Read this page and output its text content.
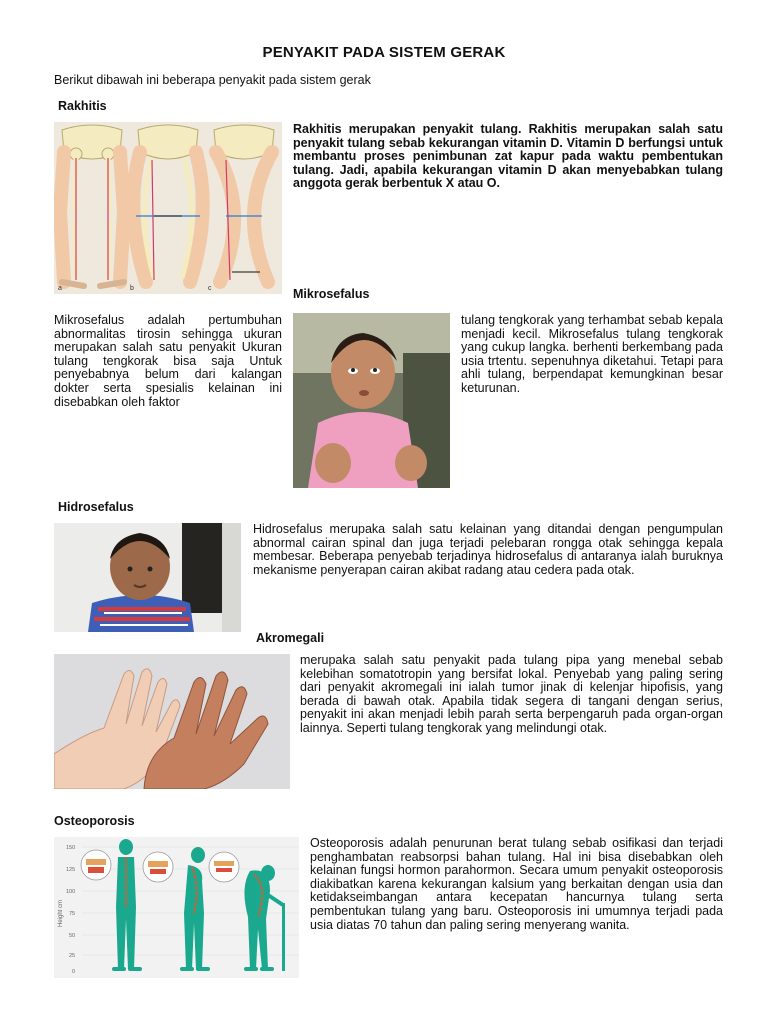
PENYAKIT PADA SISTEM GERAK
Berikut dibawah ini beberapa penyakit pada sistem gerak
Rakhitis
a	b	c
Rakhitis merupakan penyakit tulang. Rakhitis merupakan salah satu penyakit tulang sebab kekurangan vitamin D. Vitamin D berfungsi untuk membantu proses penimbunan zat kapur pada waktu pembentukan tulang. Jadi, apabila kekurangan vitamin D akan menyebabkan tulang anggota gerak berbentuk X atau O.
Mikrosefalus
Mikrosefalus adalah pertumbuhan abnormalitas tirosin sehingga ukuran merupakan salah satu penyakit Ukuran tulang tengkorak bisa saja Untuk penyebabnya belum dari kalangan dokter serta spesialis kelainan ini disebabkan oleh faktor
tulang tengkorak yang terhambat sebab kepala menjadi kecil. Mikrosefalus tulang tengkorak yang cukup langka. berhenti berkembang pada usia trtentu. sepenuhnya diketahui. Tetapi para ahli tulang, berpendapat kemungkinan besar keturunan.
Hidrosefalus
Hidrosefalus merupaka salah satu kelainan yang ditandai dengan pengumpulan abnormal cairan spinal dan juga terjadi pelebaran rongga otak sehingga kepala membesar. Beberapa penyebab terjadinya hidrosefalus di antaranya ialah buruknya mekanisme penyerapan cairan akibat radang atau cedera pada otak.
Akromegali
merupaka salah satu penyakit pada tulang pipa yang menebal sebab kelebihan somatotropin yang bersifat lokal. Penyebab yang paling sering dari penyakit akromegali ini ialah tumor jinak di kelenjar hipofisis, yang berada di bawah otak. Apabila tidak segera di tangani dengan serius, penyakit ini akan menjadi lebih parah serta berpengaruh pada organ-organ lainnya. Seperti tulang tengkorak yang melindungi otak.
Osteoporosis
Height cm
150
125
100
75
50
25
0
Osteoporosis adalah penurunan berat tulang sebab osifikasi dan terjadi penghambatan reabsorpsi bahan tulang. Hal ini bisa disebabkan oleh kelainan fungsi hormon parahormon. Secara umum penyakit osteoporosis diakibatkan karena kekurangan kalsium yang berkaitan dengan usia dan ketidakseimbangan antara kecepatan hancurnya tulang serta pembentukan tulang yang baru. Osteoporosis ini umumnya terjadi pada usia diatas 70 tahun dan paling sering menyerang wanita.
